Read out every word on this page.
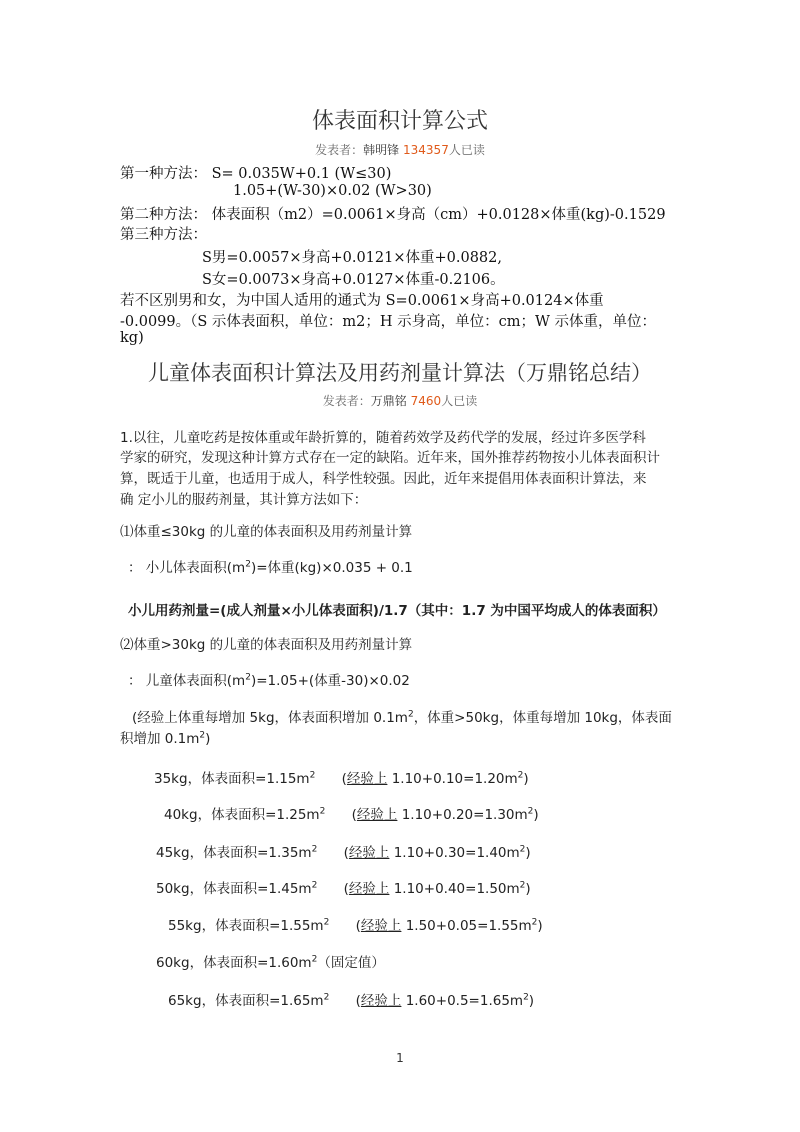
体表面积计算公式
发表者：韩明锋 134357人已读
第一种方法： S= 0.035W+0.1 (W≤30)
1.05+(W-30)×0.02 (W>30)
第二种方法： 体表面积（m2）=0.0061×身高（cm）+0.0128×体重(kg)-0.1529
第三种方法：
S男=0.0057×身高+0.0121×体重+0.0882,
S女=0.0073×身高+0.0127×体重-0.2106。
若不区别男和女，为中国人适用的通式为 S=0.0061×身高+0.0124×体重
-0.0099。（S 示体表面积，单位：m2；H 示身高，单位：cm；W 示体重，单位：
kg)
儿童体表面积计算法及用药剂量计算法（万鼎铭总结）
发表者：万鼎铭 7460人已读
1.以往，儿童吃药是按体重或年龄折算的，随着药效学及药代学的发展，经过许多医学科
学家的研究，发现这种计算方式存在一定的缺陷。近年来，国外推荐药物按小儿体表面积计
算，既适于儿童，也适用于成人，科学性较强。因此，近年来提倡用体表面积计算法，来
确 定小儿的服药剂量，其计算方法如下：
⑴体重≤30kg 的儿童的体表面积及用药剂量计算
： 小儿体表面积$(m^2)=$体重(kg)×0.035 + 0.1
小儿用药剂量=(成人剂量×小儿体表面积)/1.7（其中：1.7 为中国平均成人的体表面积）
⑵体重>30kg 的儿童的体表面积及用药剂量计算
： 儿童体表面积$(m^2)=1.05+$(体重-30)×0.02
(经验上体重每增加 5kg，体表面积增加 $0.1m^2$，体重>50kg，体重每增加 10kg，体表面
积增加 $0.1m^2$)
35kg，体表面积$=1.15m^2$ (经验上 $1.10+0.10=1.20m^2$)
40kg，体表面积$=1.25m^2$ (经验上 $1.10+0.20=1.30m^2$)
45kg，体表面积$=1.35m^2$ (经验上 $1.10+0.30=1.40m^2$)
50kg，体表面积$=1.45m^2$ (经验上 $1.10+0.40=1.50m^2$)
55kg，体表面积$=1.55m^2$ (经验上 $1.50+0.05=1.55m^2$)
60kg，体表面积$=1.60m^2$（固定值）
65kg，体表面积$=1.65m^2$ (经验上 $1.60+0.5=1.65m^2$)
1
